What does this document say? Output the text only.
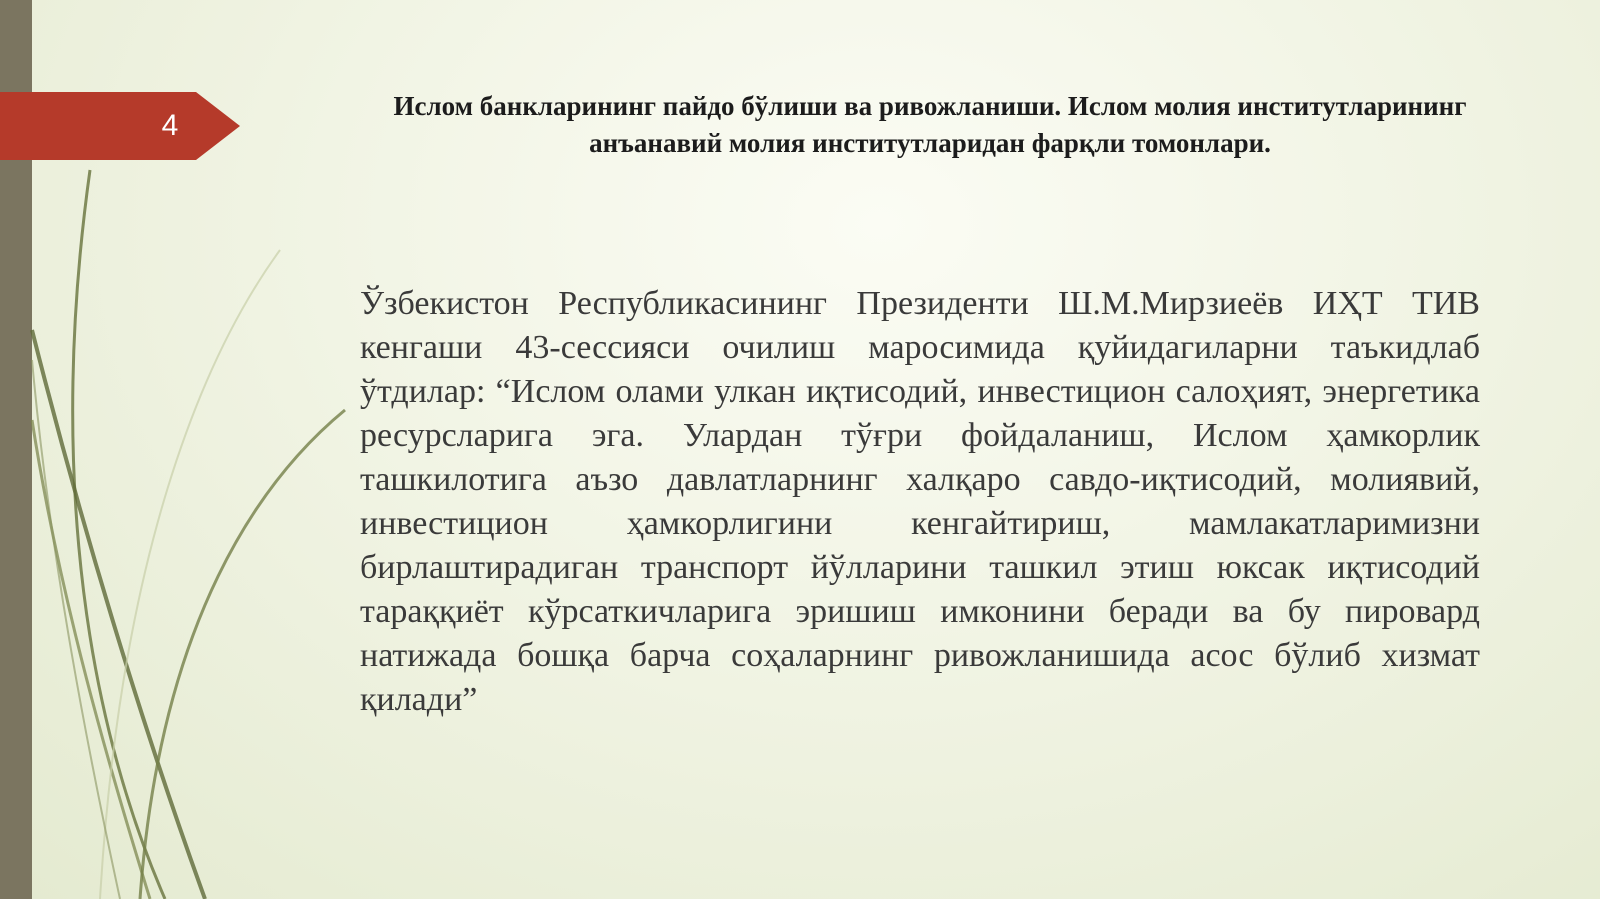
4
Ислом банкларининг пайдо бўлиши ва ривожланиши. Ислом молия институтларининг анъанавий молия институтларидан фарқли томонлари.

Ўзбекистон Республикасининг Президенти Ш.М.Мирзиеёв ИҲТ ТИВ кенгаши 43-сессияси очилиш маросимида қуйидагиларни таъкидлаб ўтдилар: “Ислом олами улкан иқтисодий, инвестицион салоҳият, энергетика ресурсларига эга. Улардан тўғри фойдаланиш, Ислом ҳамкорлик ташкилотига аъзо давлатларнинг халқаро савдо-иқтисодий, молиявий, инвестицион ҳамкорлигини кенгайтириш, мамлакатларимизни бирлаштирадиган транспорт йўлларини ташкил этиш юксак иқтисодий тараққиёт кўрсаткичларига эришиш имконини беради ва бу пировард натижада бошқа барча соҳаларнинг ривожланишида асос бўлиб хизмат қилади”
